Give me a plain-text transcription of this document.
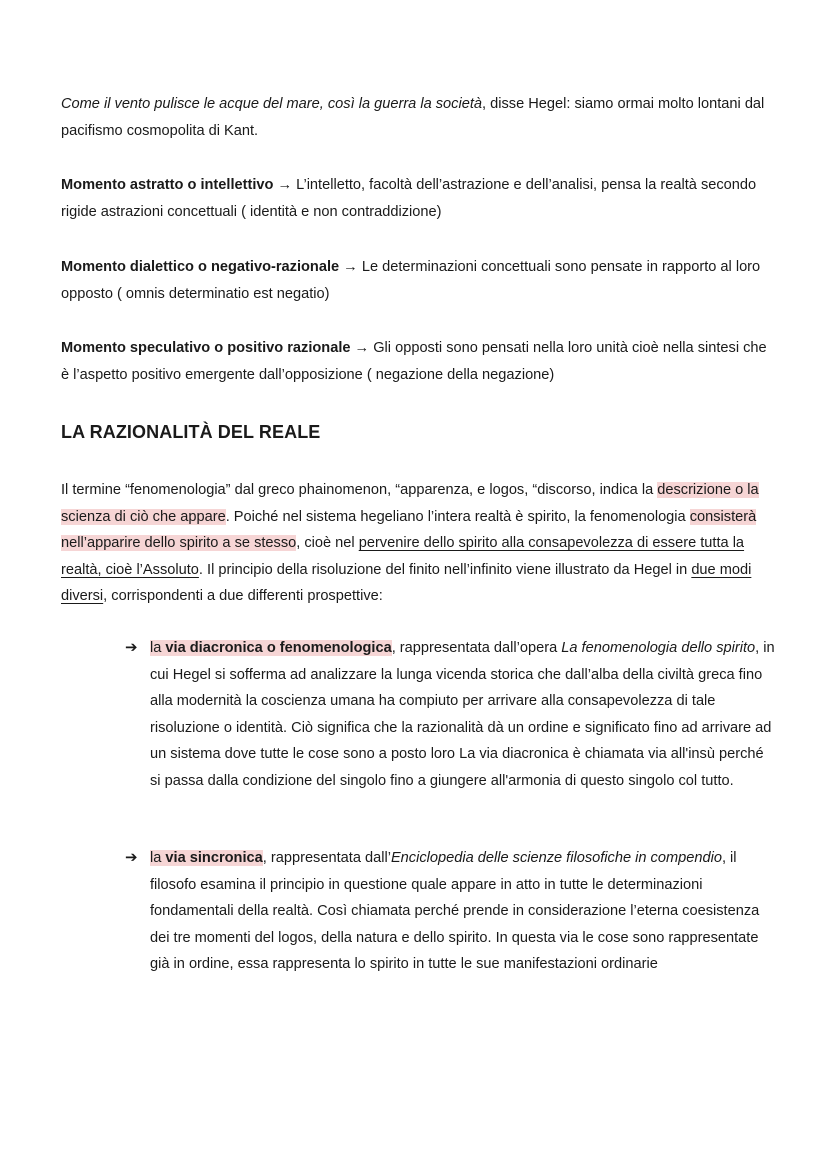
Come il vento pulisce le acque del mare, così la guerra la società, disse Hegel: siamo ormai molto lontani dal pacifismo cosmopolita di Kant.

Momento astratto o intellettivo → L’intelletto, facoltà dell’astrazione e dell’analisi, pensa la realtà secondo rigide astrazioni concettuali ( identità e non contraddizione)

Momento dialettico o negativo-razionale → Le determinazioni concettuali sono pensate in rapporto al loro opposto ( omnis determinatio est negatio)

Momento speculativo o positivo razionale → Gli opposti sono pensati nella loro unità cioè nella sintesi che è l’aspetto positivo emergente dall’opposizione ( negazione della negazione)

LA RAZIONALITÀ DEL REALE

Il termine “fenomenologia” dal greco phainomenon, “apparenza, e logos, “discorso, indica la descrizione o la scienza di ciò che appare. Poiché nel sistema hegeliano l’intera realtà è spirito, la fenomenologia consisterà nell’apparire dello spirito a se stesso, cioè nel pervenire dello spirito alla consapevolezza di essere tutta la realtà, cioè l’Assoluto. Il principio della risoluzione del finito nell’infinito viene illustrato da Hegel in due modi diversi, corrispondenti a due differenti prospettive:

➔ la via diacronica o fenomenologica, rappresentata dall’opera La fenomenologia dello spirito, in cui Hegel si sofferma ad analizzare la lunga vicenda storica che dall’alba della civiltà greca fino alla modernità la coscienza umana ha compiuto per arrivare alla consapevolezza di tale risoluzione o identità. Ciò significa che la razionalità dà un ordine e significato fino ad arrivare ad un sistema dove tutte le cose sono a posto loro La via diacronica è chiamata via all'insù perché si passa dalla condizione del singolo fino a giungere all'armonia di questo singolo col tutto.
➔ la via sincronica, rappresentata dall’Enciclopedia delle scienze filosofiche in compendio, il filosofo esamina il principio in questione quale appare in atto in tutte le determinazioni fondamentali della realtà. Così chiamata perché prende in considerazione l’eterna coesistenza dei tre momenti del logos, della natura e dello spirito. In questa via le cose sono rappresentate già in ordine, essa rappresenta lo spirito in tutte le sue manifestazioni ordinarie
